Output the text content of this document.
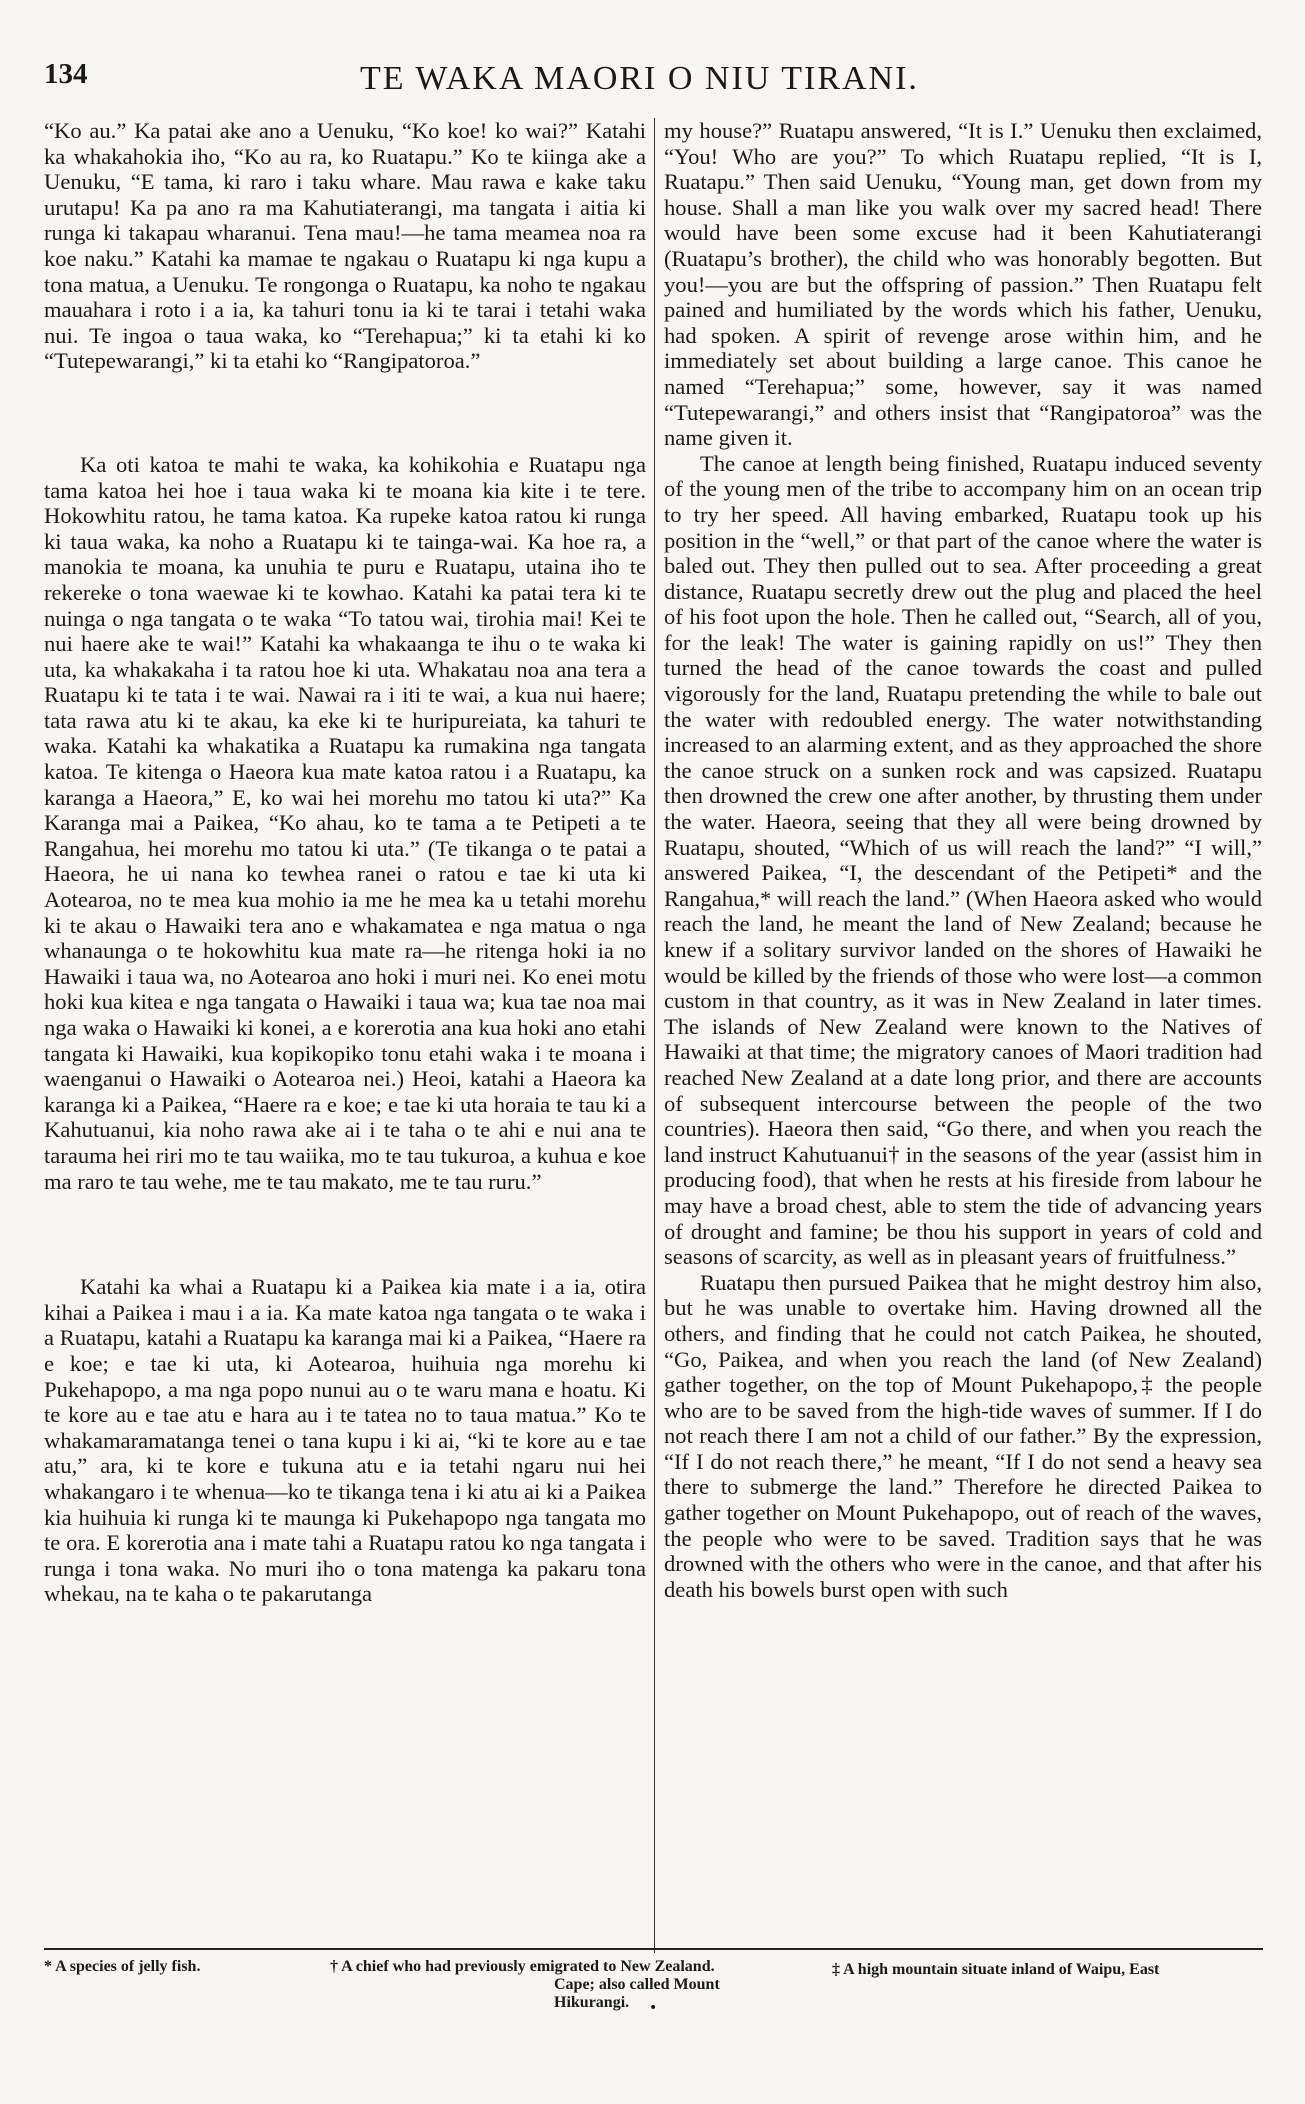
134	TE WAKA MAORI O NIU TIRANI.

“Ko au.” Ka patai ake ano a Uenuku, “Ko koe! ko wai?” Katahi ka whakahokia iho, “Ko au ra, ko Ruatapu.” Ko te kiinga ake a Uenuku, “E tama, ki raro i taku whare. Mau rawa e kake taku urutapu! Ka pa ano ra ma Kahutiaterangi, ma tangata i aitia ki runga ki takapau wharanui. Tena mau!—he tama meamea noa ra koe naku.” Katahi ka mamae te ngakau o Ruatapu ki nga kupu a tona matua, a Uenuku. Te rongonga o Ruatapu, ka noho te ngakau mauahara i roto i a ia, ka tahuri tonu ia ki te tarai i tetahi waka nui. Te ingoa o taua waka, ko “Terehapua;” ki ta etahi ki ko “Tutepewarangi,” ki ta etahi ko “Rangipatoroa.”

Ka oti katoa te mahi te waka, ka kohikohia e Ruatapu nga tama katoa hei hoe i taua waka ki te moana kia kite i te tere. Hokowhitu ratou, he tama katoa. Ka rupeke katoa ratou ki runga ki taua waka, ka noho a Ruatapu ki te tainga-wai. Ka hoe ra, a manokia te moana, ka unuhia te puru e Ruatapu, utaina iho te rekereke o tona waewae ki te kowhao. Katahi ka patai tera ki te nuinga o nga tangata o te waka “To tatou wai, tirohia mai! Kei te nui haere ake te wai!” Katahi ka whakaanga te ihu o te waka ki uta, ka whakakaha i ta ratou hoe ki uta. Whakatau noa ana tera a Ruatapu ki te tata i te wai. Nawai ra i iti te wai, a kua nui haere; tata rawa atu ki te akau, ka eke ki te huripureiata, ka tahuri te waka. Katahi ka whakatika a Ruatapu ka rumakina nga tangata katoa. Te kitenga o Haeora kua mate katoa ratou i a Ruatapu, ka karanga a Haeora,” E, ko wai hei morehu mo tatou ki uta?” Ka Karanga mai a Paikea, “Ko ahau, ko te tama a te Petipeti a te Rangahua, hei morehu mo tatou ki uta.” (Te tikanga o te patai a Haeora, he ui nana ko tewhea ranei o ratou e tae ki uta ki Aotearoa, no te mea kua mohio ia me he mea ka u tetahi morehu ki te akau o Hawaiki tera ano e whakamatea e nga matua o nga whanaunga o te hokowhitu kua mate ra—he ritenga hoki ia no Hawaiki i taua wa, no Aotearoa ano hoki i muri nei. Ko enei motu hoki kua kitea e nga tangata o Hawaiki i taua wa; kua tae noa mai nga waka o Hawaiki ki konei, a e korerotia ana kua hoki ano etahi tangata ki Hawaiki, kua kopikopiko tonu etahi waka i te moana i waenganui o Hawaiki o Aotearoa nei.) Heoi, katahi a Haeora ka karanga ki a Paikea, “Haere ra e koe; e tae ki uta horaia te tau ki a Kahutuanui, kia noho rawa ake ai i te taha o te ahi e nui ana te tarauma hei riri mo te tau waiika, mo te tau tukuroa, a kuhua e koe ma raro te tau wehe, me te tau makato, me te tau ruru.”

Katahi ka whai a Ruatapu ki a Paikea kia mate i a ia, otira kihai a Paikea i mau i a ia. Ka mate katoa nga tangata o te waka i a Ruatapu, katahi a Ruatapu ka karanga mai ki a Paikea, “Haere ra e koe; e tae ki uta, ki Aotearoa, huihuia nga morehu ki Pukehapopo, a ma nga popo nunui au o te waru mana e hoatu. Ki te kore au e tae atu e hara au i te tatea no to taua matua.” Ko te whakamaramatanga tenei o tana kupu i ki ai, “ki te kore au e tae atu,” ara, ki te kore e tukuna atu e ia tetahi ngaru nui hei whakangaro i te whenua—ko te tikanga tena i ki atu ai ki a Paikea kia huihuia ki runga ki te maunga ki Pukehapopo nga tangata mo te ora. E korerotia ana i mate tahi a Ruatapu ratou ko nga tangata i runga i tona waka. No muri iho o tona matenga ka pakaru tona whekau, na te kaha o te pakarutanga

my house?” Ruatapu answered, “It is I.” Uenuku then exclaimed, “You! Who are you?” To which Ruatapu replied, “It is I, Ruatapu.” Then said Uenuku, “Young man, get down from my house. Shall a man like you walk over my sacred head! There would have been some excuse had it been Kahutiaterangi (Ruatapu’s brother), the child who was honorably begotten. But you!—you are but the offspring of passion.” Then Ruatapu felt pained and humiliated by the words which his father, Uenuku, had spoken. A spirit of revenge arose within him, and he immediately set about building a large canoe. This canoe he named “Terehapua;” some, however, say it was named “Tutepewarangi,” and others insist that “Rangipatoroa” was the name given it.

The canoe at length being finished, Ruatapu induced seventy of the young men of the tribe to accompany him on an ocean trip to try her speed. All having embarked, Ruatapu took up his position in the “well,” or that part of the canoe where the water is baled out. They then pulled out to sea. After proceeding a great distance, Ruatapu secretly drew out the plug and placed the heel of his foot upon the hole. Then he called out, “Search, all of you, for the leak! The water is gaining rapidly on us!” They then turned the head of the canoe towards the coast and pulled vigorously for the land, Ruatapu pretending the while to bale out the water with redoubled energy. The water notwithstanding increased to an alarming extent, and as they approached the shore the canoe struck on a sunken rock and was capsized. Ruatapu then drowned the crew one after another, by thrusting them under the water. Haeora, seeing that they all were being drowned by Ruatapu, shouted, “Which of us will reach the land?” “I will,” answered Paikea, “I, the descendant of the Petipeti* and the Rangahua,* will reach the land.” (When Haeora asked who would reach the land, he meant the land of New Zealand; because he knew if a solitary survivor landed on the shores of Hawaiki he would be killed by the friends of those who were lost—a common custom in that country, as it was in New Zealand in later times. The islands of New Zealand were known to the Natives of Hawaiki at that time; the migratory canoes of Maori tradition had reached New Zealand at a date long prior, and there are accounts of subsequent intercourse between the people of the two countries). Haeora then said, “Go there, and when you reach the land instruct Kahutuanui† in the seasons of the year (assist him in producing food), that when he rests at his fireside from labour he may have a broad chest, able to stem the tide of advancing years of drought and famine; be thou his support in years of cold and seasons of scarcity, as well as in pleasant years of fruitfulness.”

Ruatapu then pursued Paikea that he might destroy him also, but he was unable to overtake him. Having drowned all the others, and finding that he could not catch Paikea, he shouted, “Go, Paikea, and when you reach the land (of New Zealand) gather together, on the top of Mount Pukehapopo,‡ the people who are to be saved from the high-tide waves of summer. If I do not reach there I am not a child of our father.” By the expression, “If I do not reach there,” he meant, “If I do not send a heavy sea there to submerge the land.” Therefore he directed Paikea to gather together on Mount Pukehapopo, out of reach of the waves, the people who were to be saved. Tradition says that he was drowned with the others who were in the canoe, and that after his death his bowels burst open with such

* A species of jelly fish.	† A chief who had previously emigrated to New Zealand.
Cape; also called Mount Hikurangi.
‡ A high mountain situate inland of Waipu, East
•
